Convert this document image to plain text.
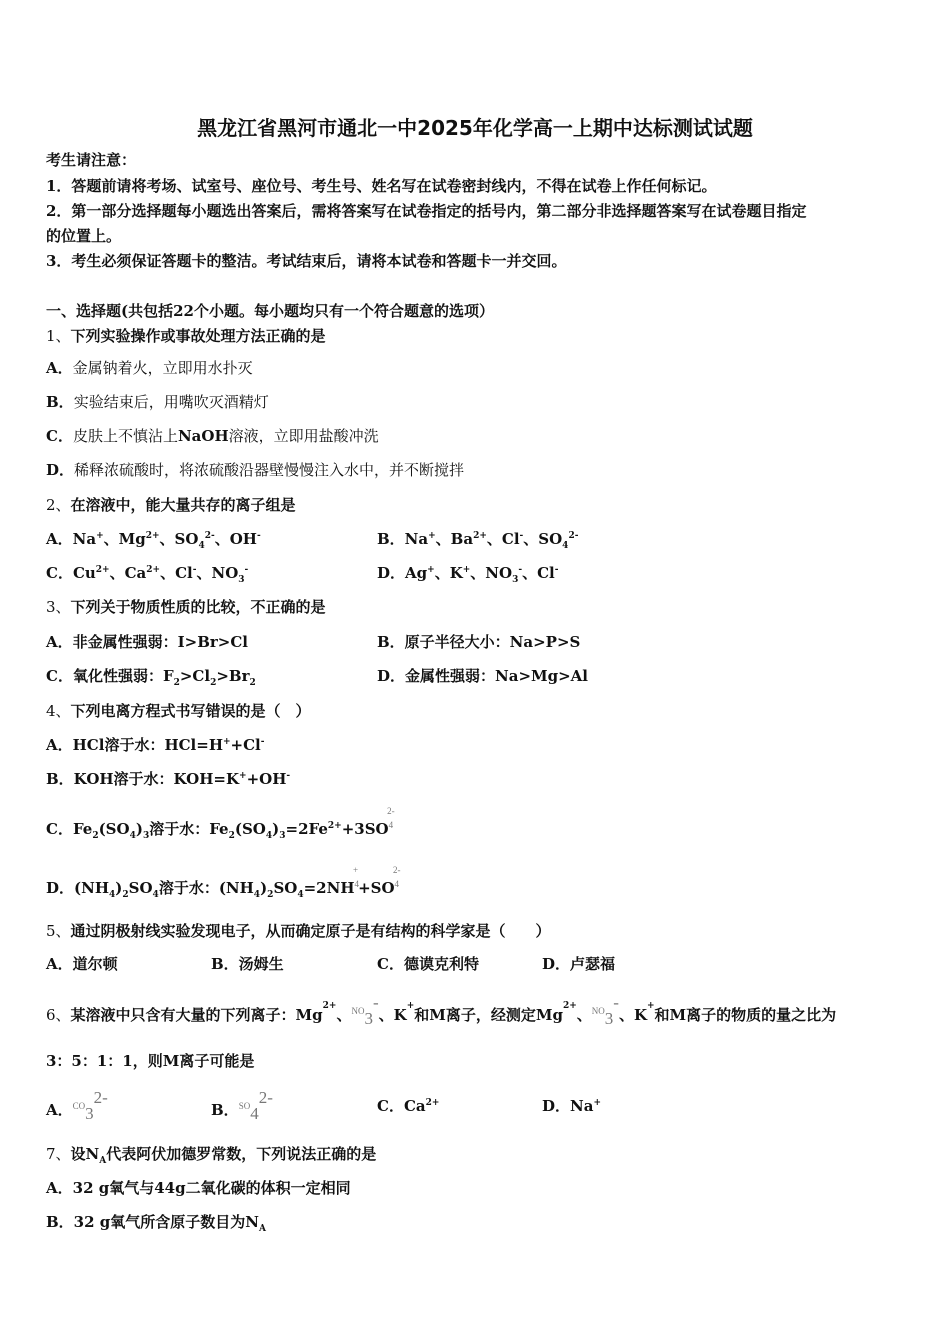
黑龙江省黑河市通北一中2025年化学高一上期中达标测试试题
考生请注意：
1．答题前请将考场、试室号、座位号、考生号、姓名写在试卷密封线内，不得在试卷上作任何标记。
2．第一部分选择题每小题选出答案后，需将答案写在试卷指定的括号内，第二部分非选择题答案写在试卷题目指定
的位置上。
3．考生必须保证答题卡的整洁。考试结束后，请将本试卷和答题卡一并交回。
一、选择题(共包括22个小题。每小题均只有一个符合题意的选项）
1、下列实验操作或事故处理方法正确的是
A．金属钠着火，立即用水扑灭
B．实验结束后，用嘴吹灭酒精灯
C．皮肤上不慎沾上NaOH溶液，立即用盐酸冲洗
D．稀释浓硫酸时，将浓硫酸沿器壁慢慢注入水中，并不断搅拌
2、在溶液中，能大量共存的离子组是
A．Na+、$Mg^{2+}$、$SO_4^{2-}$、OH-	B．Na+、$Ba^{2+}$、Cl-、$SO_4^{2-}$
C．$Cu^{2+}$、$Ca^{2+}$、Cl-、$NO_3^-$	D．Ag+、K+、$NO_3^-$、Cl-
3、下列关于物质性质的比较，不正确的是
A．非金属性强弱：I>Br>Cl	B．原子半径大小：Na>P>S
C．氧化性强弱：$F_2>Cl_2>Br_2$	D．金属性强弱：Na>Mg>Al
4、下列电离方程式书写错误的是（　）
A．HCl溶于水：HCl=H++Cl-
B．KOH溶于水：KOH=K++OH-
C．$Fe_2(SO_4)_3$溶于水：$Fe_2(SO_4)_3=2Fe^{2+}+3SO^{42-}$
D．$(NH_4)_2SO_4$溶于水：$(NH_4)_2SO_4=2NH^{4+}+SO^{42-}$
5、通过阴极射线实验发现电子，从而确定原子是有结构的科学家是（　　）
A．道尔顿	B．汤姆生	C．德谟克利特	D．卢瑟福
6、某溶液中只含有大量的下列离子：$Mg^{2+}$、$^{NO}_3$-、K+和M离子，经测定$Mg^{2+}$、$^{NO}_3$-、K+和M离子的物质的量之比为
3：5：1：1，则M离子可能是
A．$^{CO}_3^{2-}$
B．$^{SO}_4^{2-}$	C．$Ca^{2+}$	D．Na+
7、设$N_A$代表阿伏加德罗常数，下列说法正确的是
A．32 g氧气与44g二氧化碳的体积一定相同
B．32 g氧气所含原子数目为$N_A$
